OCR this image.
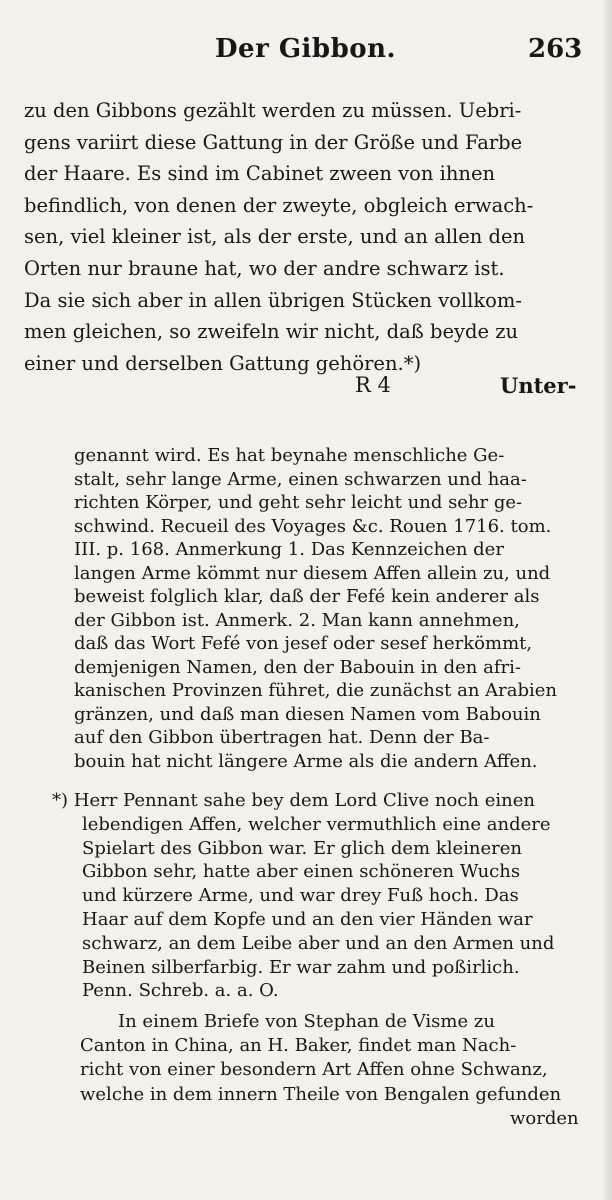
Der Gibbon.	263
zu den Gibbons gezählt werden zu müssen. Uebri-
gens variirt diese Gattung in der Größe und Farbe
der Haare. Es sind im Cabinet zween von ihnen
befindlich, von denen der zweyte, obgleich erwach-
sen, viel kleiner ist, als der erste, und an allen den
Orten nur braune hat, wo der andre schwarz ist.
Da sie sich aber in allen übrigen Stücken vollkom-
men gleichen, so zweifeln wir nicht, daß beyde zu
einer und derselben Gattung gehören.*)
R 4	Unter-
genannt wird. Es hat beynahe menschliche Ge-
stalt, sehr lange Arme, einen schwarzen und haa-
richten Körper, und geht sehr leicht und sehr ge-
schwind. Recueil des Voyages &c. Rouen 1716. tom.
III. p. 168. Anmerkung 1. Das Kennzeichen der
langen Arme kömmt nur diesem Affen allein zu, und
beweist folglich klar, daß der Fefé kein anderer als
der Gibbon ist. Anmerk. 2. Man kann annehmen,
daß das Wort Fefé von jesef oder sesef herkömmt,
demjenigen Namen, den der Babouin in den afri-
kanischen Provinzen führet, die zunächst an Arabien
gränzen, und daß man diesen Namen vom Babouin
auf den Gibbon übertragen hat. Denn der Ba-
bouin hat nicht längere Arme als die andern Affen.
*) Herr Pennant sahe bey dem Lord Clive noch einen
lebendigen Affen, welcher vermuthlich eine andere
Spielart des Gibbon war. Er glich dem kleineren
Gibbon sehr, hatte aber einen schöneren Wuchs
und kürzere Arme, und war drey Fuß hoch. Das
Haar auf dem Kopfe und an den vier Händen war
schwarz, an dem Leibe aber und an den Armen und
Beinen silberfarbig. Er war zahm und poßirlich.
Penn. Schreb. a. a. O.
In einem Briefe von Stephan de Visme zu
Canton in China, an H. Baker, findet man Nach-
richt von einer besondern Art Affen ohne Schwanz,
welche in dem innern Theile von Bengalen gefunden
worden
